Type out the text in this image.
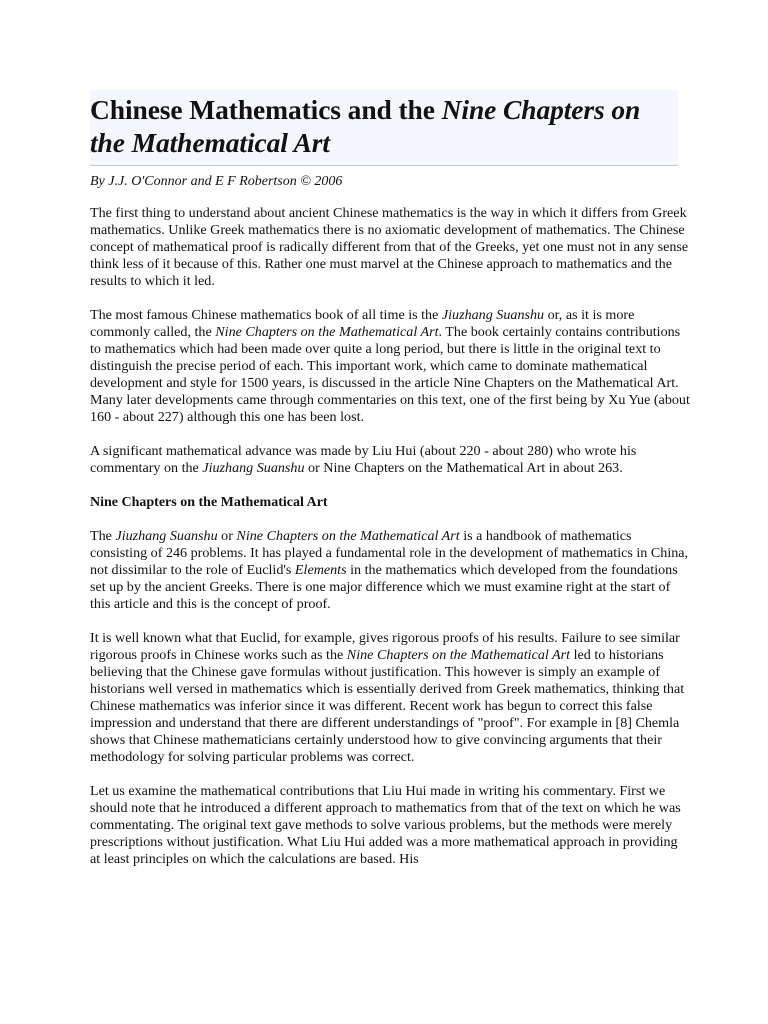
Chinese Mathematics and the Nine Chapters on the Mathematical Art

By J.J. O'Connor and E F Robertson © 2006

The first thing to understand about ancient Chinese mathematics is the way in which it differs from Greek mathematics. Unlike Greek mathematics there is no axiomatic development of mathematics. The Chinese concept of mathematical proof is radically different from that of the Greeks, yet one must not in any sense think less of it because of this. Rather one must marvel at the Chinese approach to mathematics and the results to which it led.

The most famous Chinese mathematics book of all time is the Jiuzhang Suanshu or, as it is more commonly called, the Nine Chapters on the Mathematical Art. The book certainly contains contributions to mathematics which had been made over quite a long period, but there is little in the original text to distinguish the precise period of each. This important work, which came to dominate mathematical development and style for 1500 years, is discussed in the article Nine Chapters on the Mathematical Art. Many later developments came through commentaries on this text, one of the first being by Xu Yue (about 160 - about 227) although this one has been lost.

A significant mathematical advance was made by Liu Hui (about 220 - about 280) who wrote his commentary on the Jiuzhang Suanshu or Nine Chapters on the Mathematical Art in about 263.

Nine Chapters on the Mathematical Art

The Jiuzhang Suanshu or Nine Chapters on the Mathematical Art is a handbook of mathematics consisting of 246 problems. It has played a fundamental role in the development of mathematics in China, not dissimilar to the role of Euclid's Elements in the mathematics which developed from the foundations set up by the ancient Greeks. There is one major difference which we must examine right at the start of this article and this is the concept of proof.

It is well known what that Euclid, for example, gives rigorous proofs of his results. Failure to see similar rigorous proofs in Chinese works such as the Nine Chapters on the Mathematical Art led to historians believing that the Chinese gave formulas without justification. This however is simply an example of historians well versed in mathematics which is essentially derived from Greek mathematics, thinking that Chinese mathematics was inferior since it was different. Recent work has begun to correct this false impression and understand that there are different understandings of "proof". For example in [8] Chemla shows that Chinese mathematicians certainly understood how to give convincing arguments that their methodology for solving particular problems was correct.

Let us examine the mathematical contributions that Liu Hui made in writing his commentary. First we should note that he introduced a different approach to mathematics from that of the text on which he was commentating. The original text gave methods to solve various problems, but the methods were merely prescriptions without justification. What Liu Hui added was a more mathematical approach in providing at least principles on which the calculations are based. His
